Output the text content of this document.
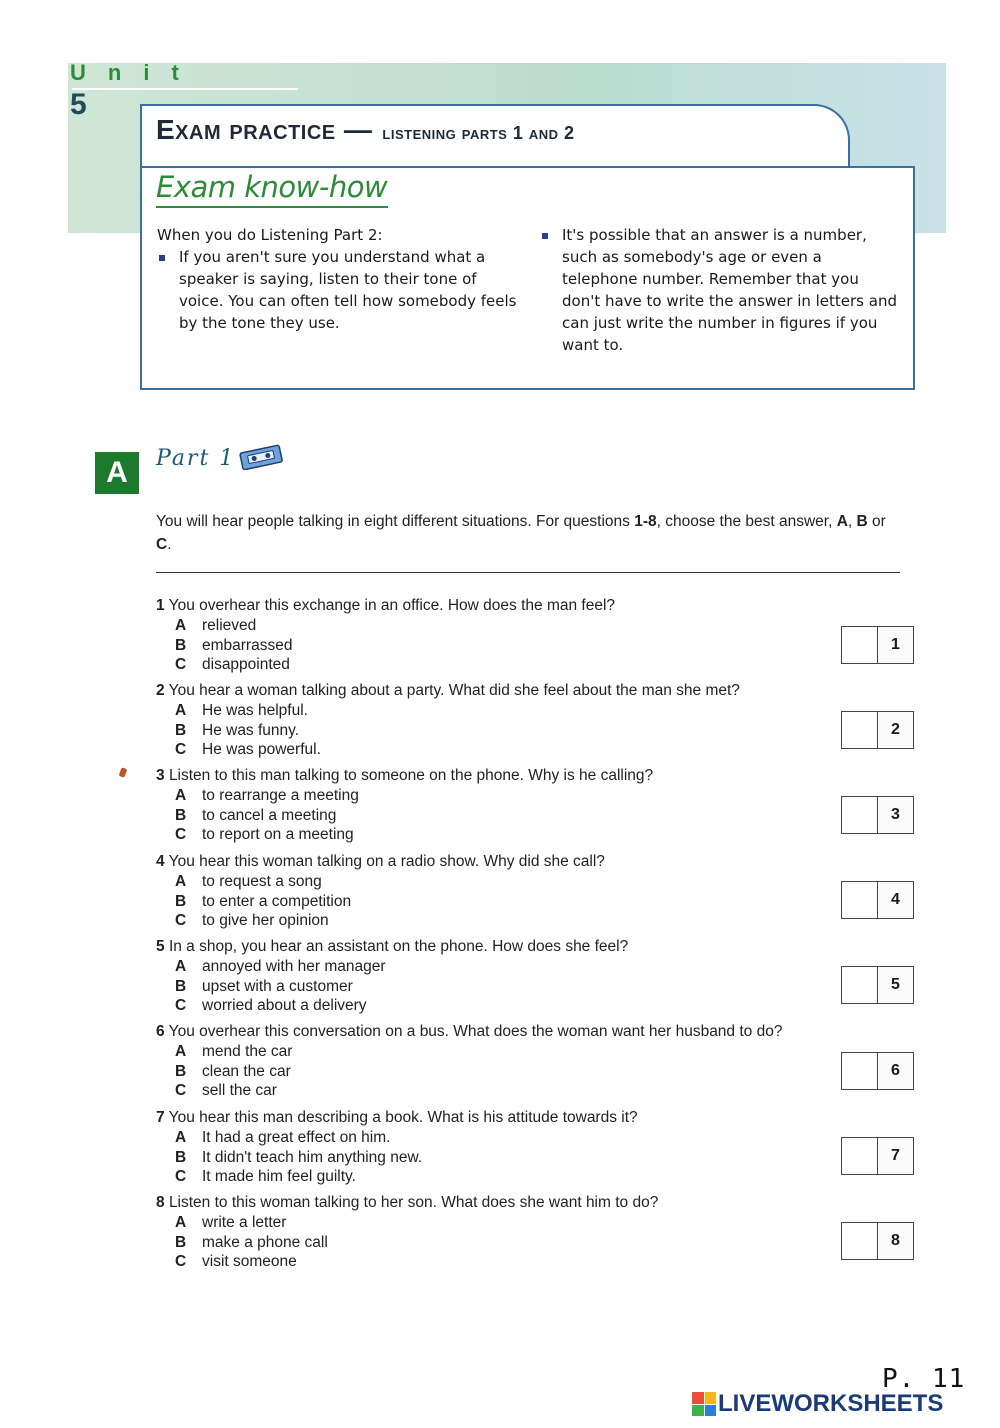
Unit
5
Exam practice — listening parts 1 and 2
Exam know-how
When you do Listening Part 2:
If you aren't sure you understand what a speaker is saying, listen to their tone of voice. You can often tell how somebody feels by the tone they use.
It's possible that an answer is a number, such as somebody's age or even a telephone number. Remember that you don't have to write the answer in letters and can just write the number in figures if you want to.
A	Part 1
You will hear people talking in eight different situations. For questions 1-8, choose the best answer, A, B or C.
1 You overhear this exchange in an office. How does the man feel?
A relieved
B embarrassed
C disappointed
1
2 You hear a woman talking about a party. What did she feel about the man she met?
A He was helpful.
B He was funny.
C He was powerful.
2
3 Listen to this man talking to someone on the phone. Why is he calling?
A to rearrange a meeting
B to cancel a meeting
C to report on a meeting
3
4 You hear this woman talking on a radio show. Why did she call?
A to request a song
B to enter a competition
C to give her opinion
4
5 In a shop, you hear an assistant on the phone. How does she feel?
A annoyed with her manager
B upset with a customer
C worried about a delivery
5
6 You overhear this conversation on a bus. What does the woman want her husband to do?
A mend the car
B clean the car
C sell the car
6
7 You hear this man describing a book. What is his attitude towards it?
A It had a great effect on him.
B It didn't teach him anything new.
C It made him feel guilty.
7
8 Listen to this woman talking to her son. What does she want him to do?
A write a letter
B make a phone call
C visit someone
8
P. 11
LIVEWORKSHEETS
